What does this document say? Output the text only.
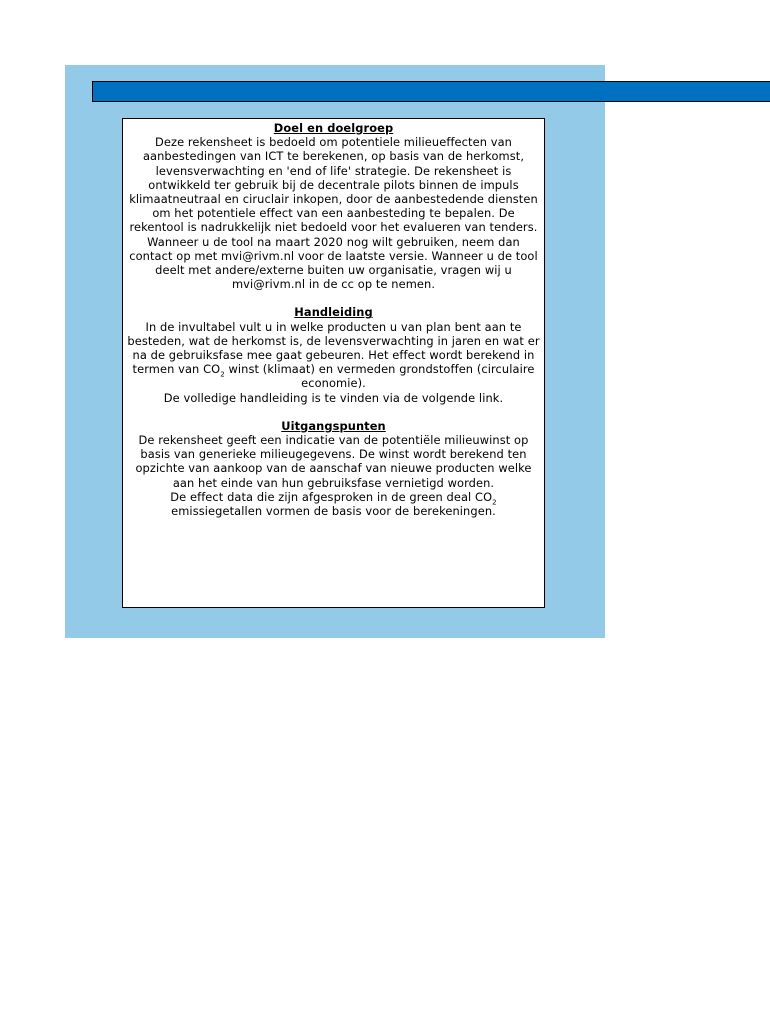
Doel en doelgroep

Deze rekensheet is bedoeld om potentiele milieueffecten van aanbestedingen van ICT te berekenen, op basis van de herkomst, levensverwachting en 'end of life' strategie. De rekensheet is ontwikkeld ter gebruik bij de decentrale pilots binnen de impuls klimaatneutraal en ciruclair inkopen, door de aanbestedende diensten om het potentiele effect van een aanbesteding te bepalen. De rekentool is nadrukkelijk niet bedoeld voor het evalueren van tenders. Wanneer u de tool na maart 2020 nog wilt gebruiken, neem dan contact op met mvi@rivm.nl voor de laatste versie. Wanneer u de tool deelt met andere/externe buiten uw organisatie, vragen wij u mvi@rivm.nl in de cc op te nemen.

Handleiding

In de invultabel vult u in welke producten u van plan bent aan te besteden, wat de herkomst is, de levensverwachting in jaren en wat er na de gebruiksfase mee gaat gebeuren. Het effect wordt berekend in termen van $CO_2$ winst (klimaat) en vermeden grondstoffen (circulaire economie).

De volledige handleiding is te vinden via de volgende link.

Uitgangspunten

De rekensheet geeft een indicatie van de potentiële milieuwinst op basis van generieke milieugegevens. De winst wordt berekend ten opzichte van aankoop van de aanschaf van nieuwe producten welke aan het einde van hun gebruiksfase vernietigd worden.

De effect data die zijn afgesproken in de green deal $CO_2$ emissiegetallen vormen de basis voor de berekeningen.
